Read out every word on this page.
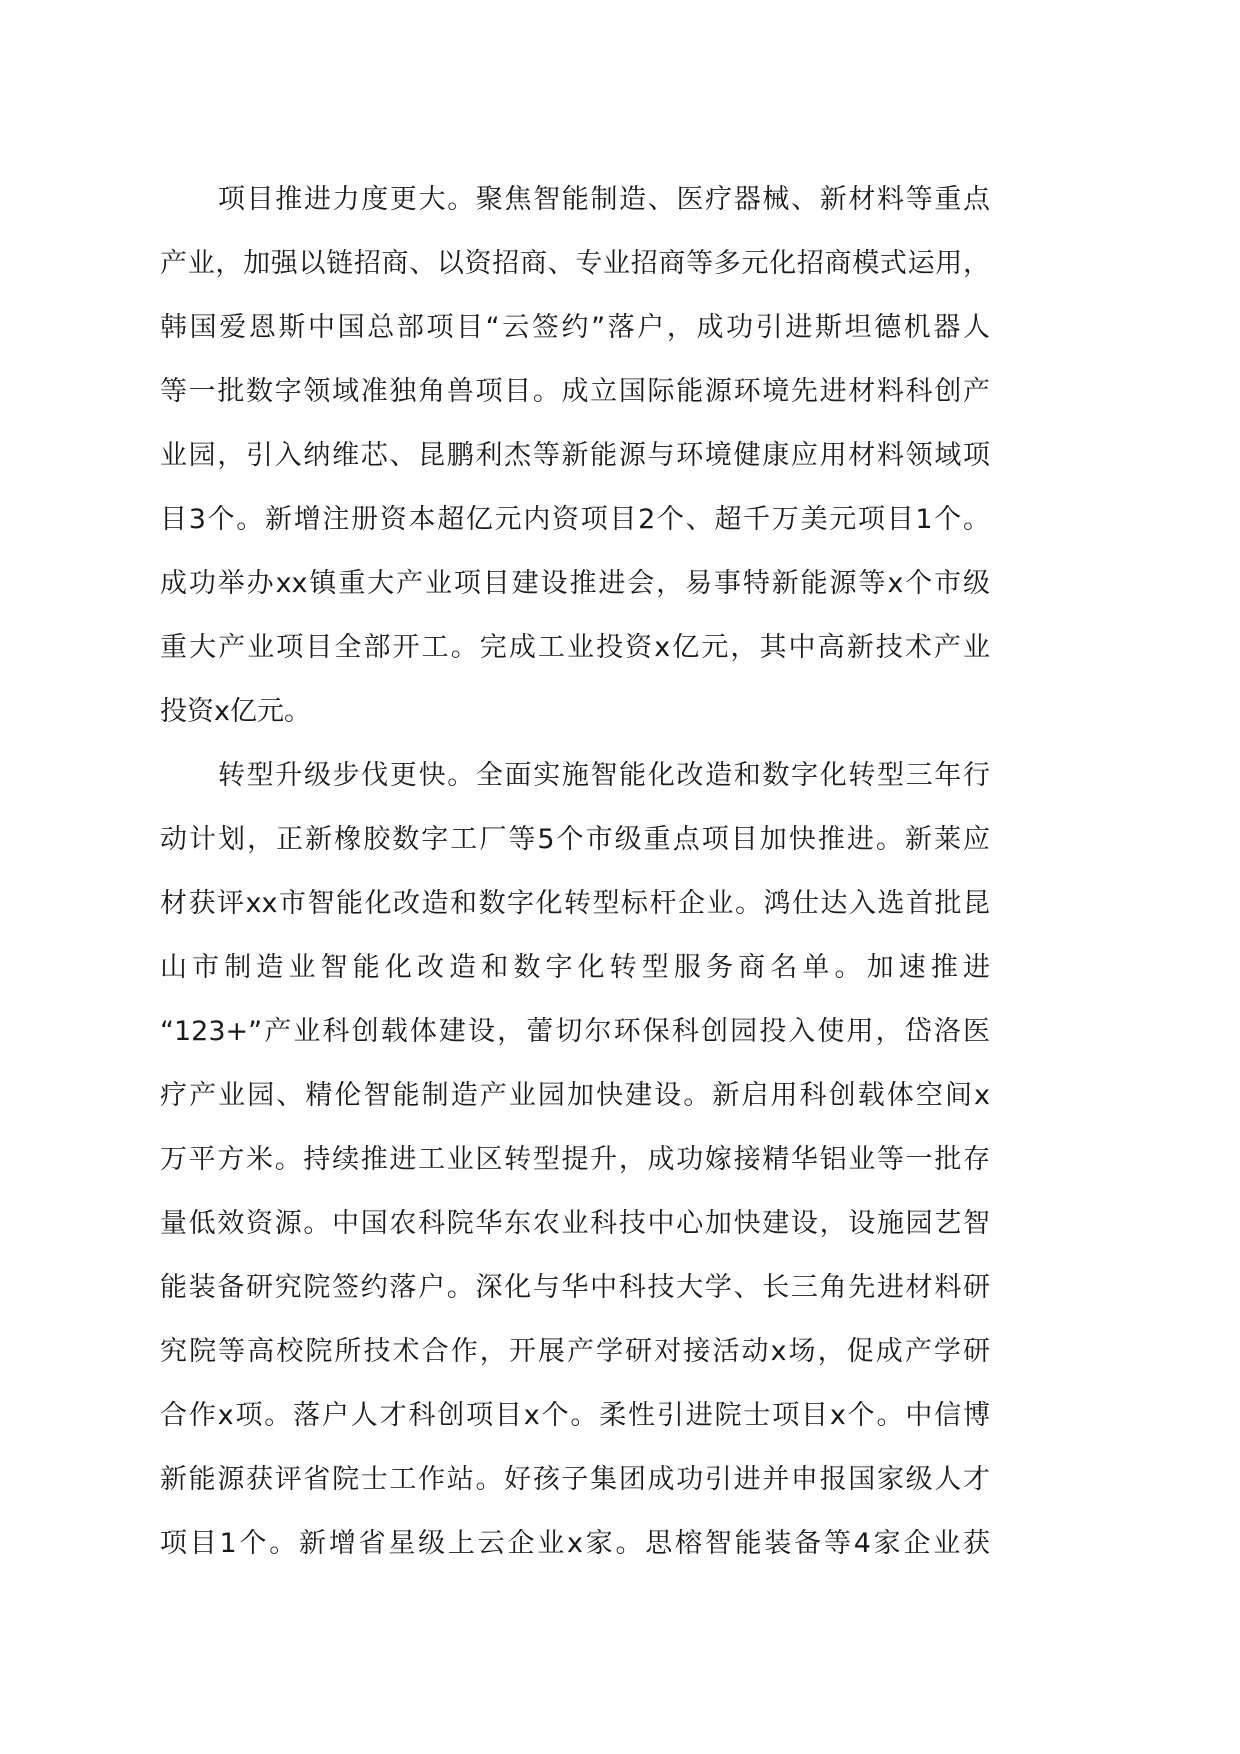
项目推进力度更大。聚焦智能制造、医疗器械、新材料等重点
产业，加强以链招商、以资招商、专业招商等多元化招商模式运用，
韩国爱恩斯中国总部项目“云签约”落户，成功引进斯坦德机器人
等一批数字领域准独角兽项目。成立国际能源环境先进材料科创产
业园，引入纳维芯、昆鹏利杰等新能源与环境健康应用材料领域项
目3个。新增注册资本超亿元内资项目2个、超千万美元项目1个。
成功举办xx镇重大产业项目建设推进会，易事特新能源等x个市级
重大产业项目全部开工。完成工业投资x亿元，其中高新技术产业
投资x亿元。
转型升级步伐更快。全面实施智能化改造和数字化转型三年行
动计划，正新橡胶数字工厂等5个市级重点项目加快推进。新莱应
材获评xx市智能化改造和数字化转型标杆企业。鸿仕达入选首批昆
山市制造业智能化改造和数字化转型服务商名单。加速推进
“123+”产业科创载体建设，蕾切尔环保科创园投入使用，岱洛医
疗产业园、精伦智能制造产业园加快建设。新启用科创载体空间x
万平方米。持续推进工业区转型提升，成功嫁接精华铝业等一批存
量低效资源。中国农科院华东农业科技中心加快建设，设施园艺智
能装备研究院签约落户。深化与华中科技大学、长三角先进材料研
究院等高校院所技术合作，开展产学研对接活动x场，促成产学研
合作x项。落户人才科创项目x个。柔性引进院士项目x个。中信博
新能源获评省院士工作站。好孩子集团成功引进并申报国家级人才
项目1个。新增省星级上云企业x家。思榕智能装备等4家企业获
